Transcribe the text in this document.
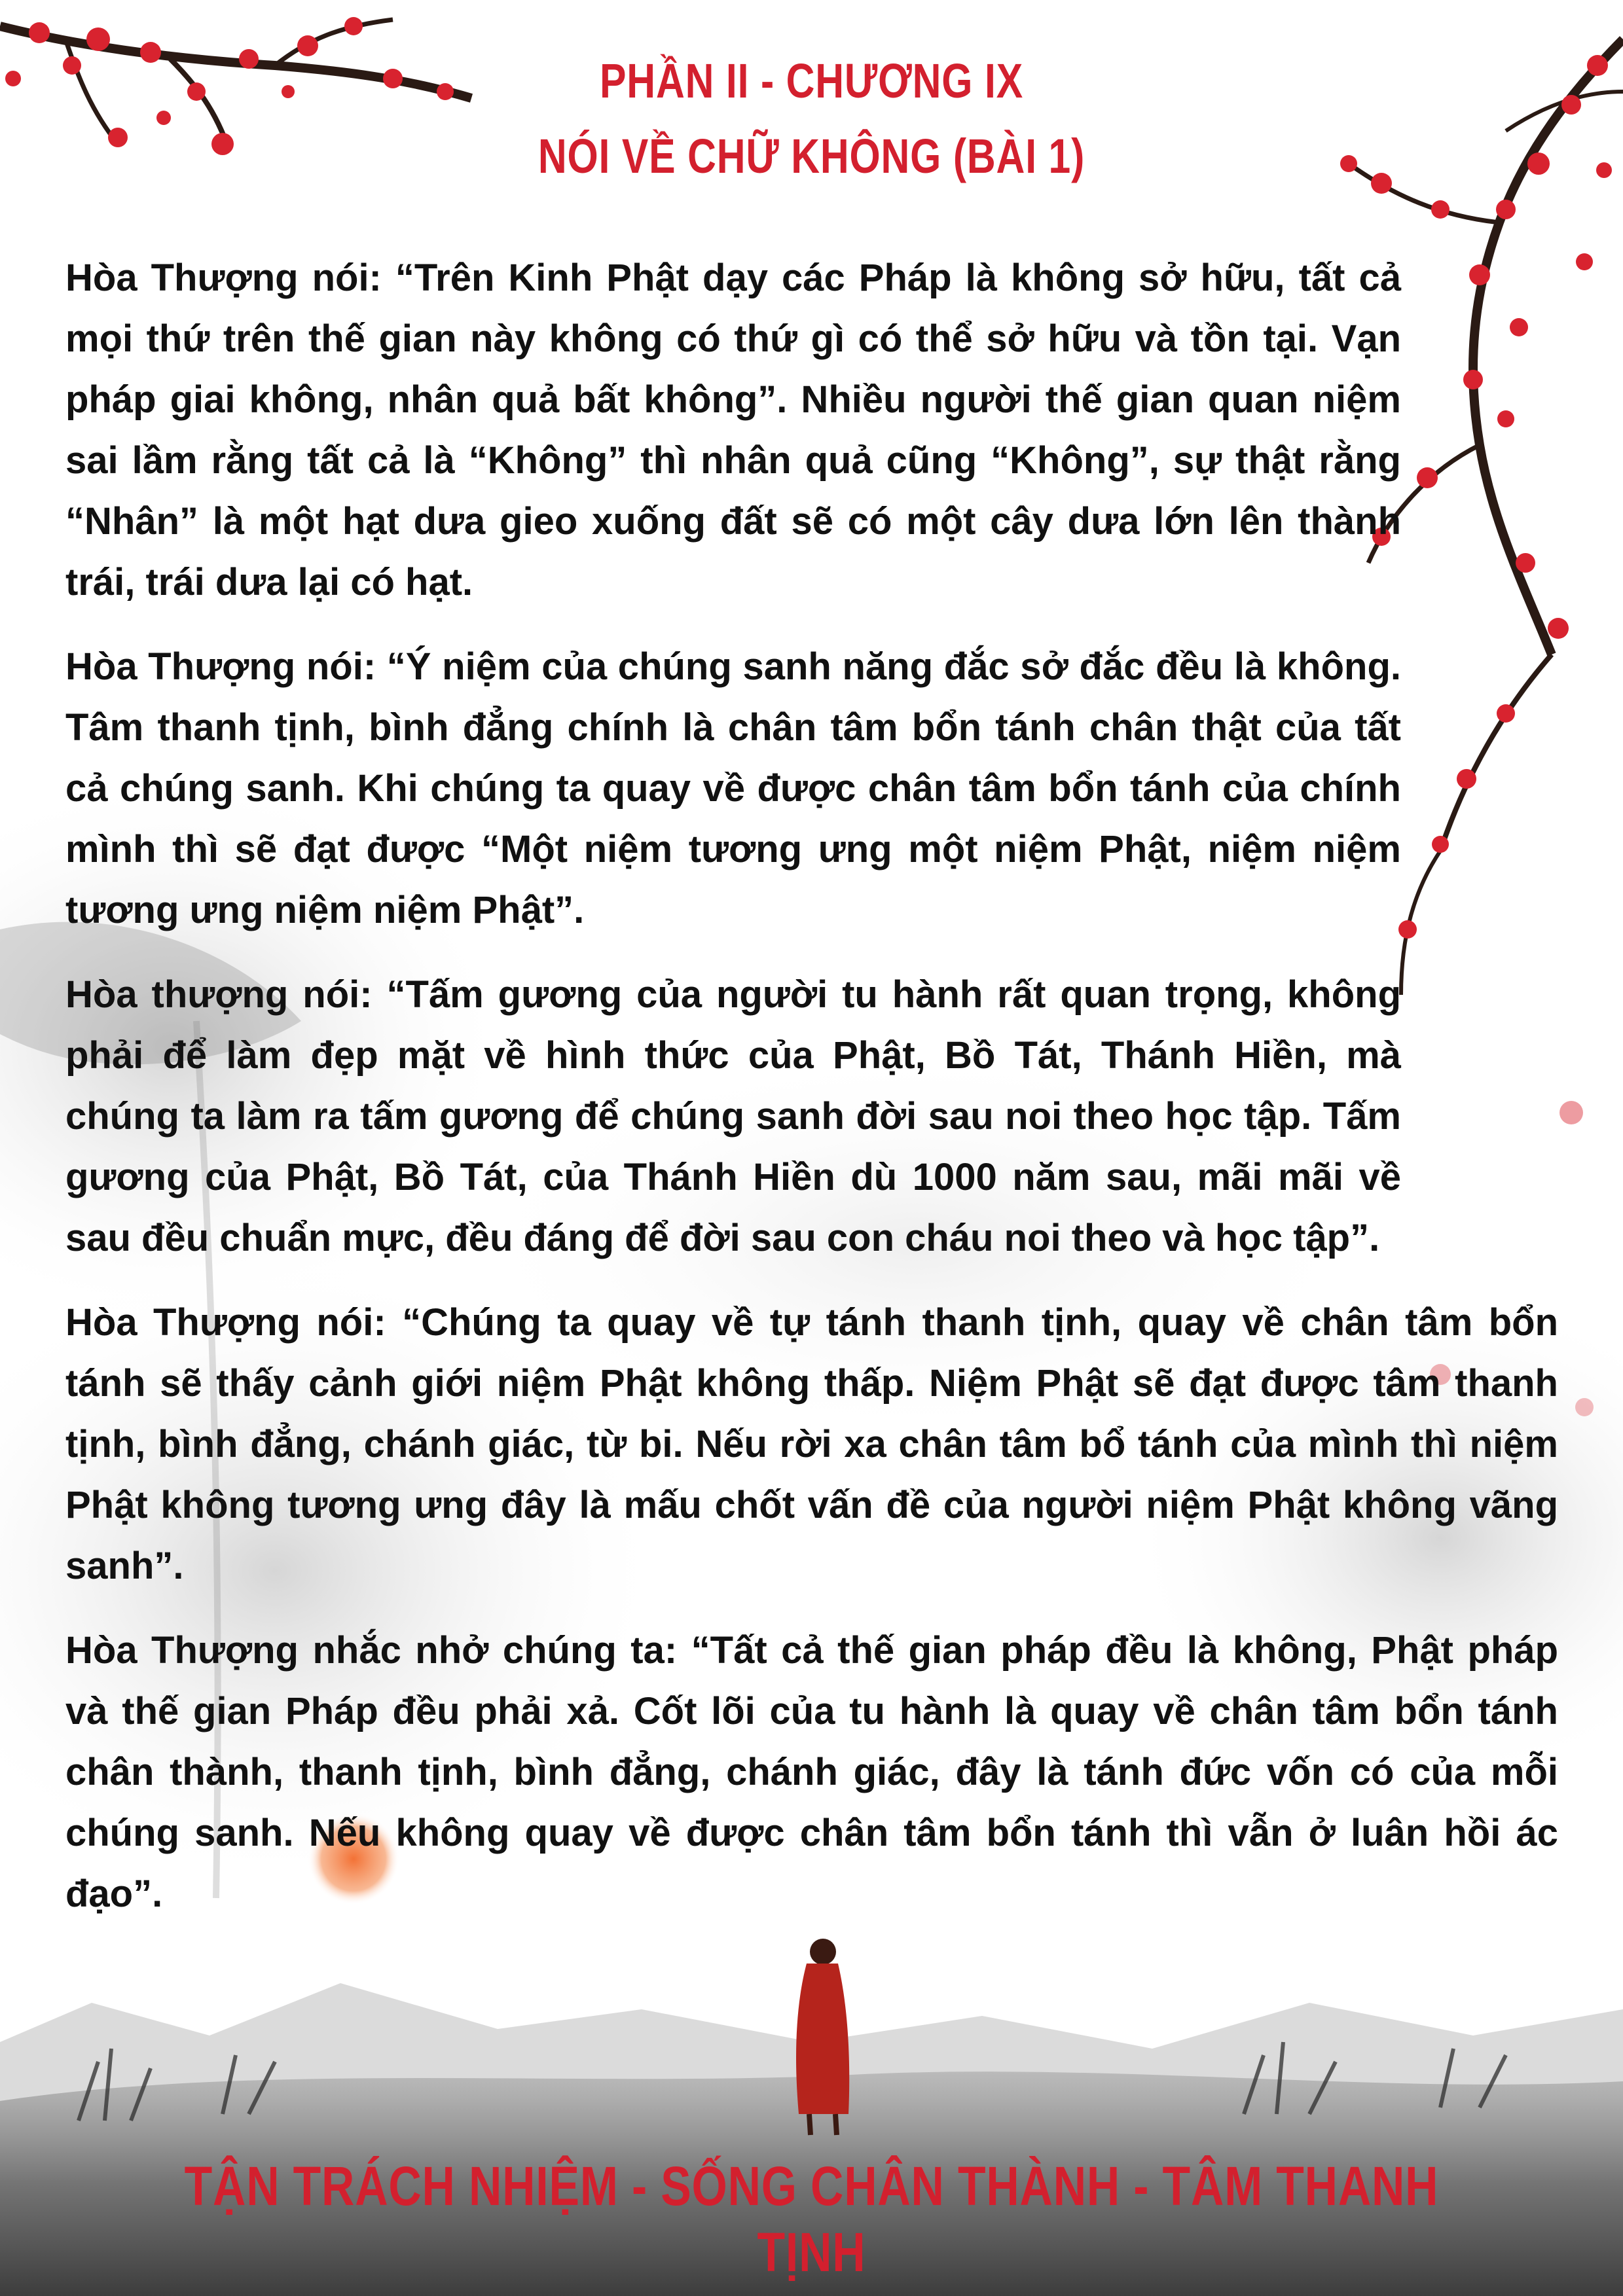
PHẦN II - CHƯƠNG IX
NÓI VỀ CHỮ KHÔNG (BÀI 1)

Hòa Thượng nói: “Trên Kinh Phật dạy các Pháp là không sở hữu, tất cả mọi thứ trên thế gian này không có thứ gì có thể sở hữu và tồn tại. Vạn pháp giai không, nhân quả bất không”. Nhiều người thế gian quan niệm sai lầm rằng tất cả là “Không” thì nhân quả cũng “Không”, sự thật rằng “Nhân” là một hạt dưa gieo xuống đất sẽ có một cây dưa lớn lên thành trái, trái dưa lại có hạt.

Hòa Thượng nói: “Ý niệm của chúng sanh năng đắc sở đắc đều là không. Tâm thanh tịnh, bình đẳng chính là chân tâm bổn tánh chân thật của tất cả chúng sanh. Khi chúng ta quay về được chân tâm bổn tánh của chính mình thì sẽ đạt được “Một niệm tương ưng một niệm Phật, niệm niệm tương ưng niệm niệm Phật”.

Hòa thượng nói: “Tấm gương của người tu hành rất quan trọng, không phải để làm đẹp mặt về hình thức của Phật, Bồ Tát, Thánh Hiền, mà chúng ta làm ra tấm gương để chúng sanh đời sau noi theo học tập. Tấm gương của Phật, Bồ Tát, của Thánh Hiền dù 1000 năm sau, mãi mãi về sau đều chuẩn mực, đều đáng để đời sau con cháu noi theo và học tập”.

Hòa Thượng nói: “Chúng ta quay về tự tánh thanh tịnh, quay về chân tâm bổn tánh sẽ thấy cảnh giới niệm Phật không thấp. Niệm Phật sẽ đạt được tâm thanh tịnh, bình đẳng, chánh giác, từ bi. Nếu rời xa chân tâm bổ tánh của mình thì niệm Phật không tương ưng đây là mấu chốt vấn đề của người niệm Phật không vãng sanh”.

Hòa Thượng nhắc nhở chúng ta: “Tất cả thế gian pháp đều là không, Phật pháp và thế gian Pháp đều phải xả. Cốt lõi của tu hành là quay về chân tâm bổn tánh chân thành, thanh tịnh, bình đẳng, chánh giác, đây là tánh đức vốn có của mỗi chúng sanh. Nếu không quay về được chân tâm bổn tánh thì vẫn ở luân hồi ác đạo”.

TẬN TRÁCH NHIỆM - SỐNG CHÂN THÀNH - TÂM THANH TỊNH
